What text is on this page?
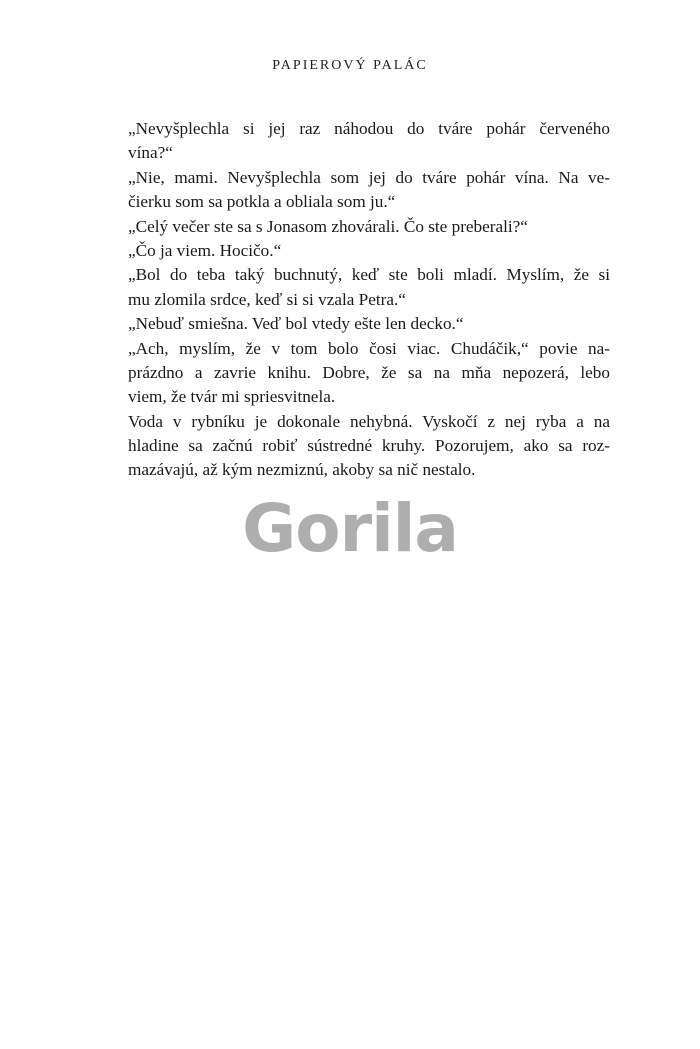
PAPIEROVÝ PALÁC
„Nevyšplechla si jej raz náhodou do tváre pohár červeného
vína?“
„Nie, mami. Nevyšplechla som jej do tváre pohár vína. Na ve-
čierku som sa potkla a obliala som ju.“
„Celý večer ste sa s Jonasom zhovárali. Čo ste preberali?“
„Čo ja viem. Hocičo.“
„Bol do teba taký buchnutý, keď ste boli mladí. Myslím, že si
mu zlomila srdce, keď si si vzala Petra.“
„Nebuď smiešna. Veď bol vtedy ešte len decko.“
„Ach, myslím, že v tom bolo čosi viac. Chudáčik,“ povie na-
prázdno a zavrie knihu. Dobre, že sa na mňa nepozerá, lebo
viem, že tvár mi spriesvitnela.
Voda v rybníku je dokonale nehybná. Vyskočí z nej ryba a na
hladine sa začnú robiť sústredné kruhy. Pozorujem, ako sa roz-
mazávajú, až kým nezmiznú, akoby sa nič nestalo.
Gorila
